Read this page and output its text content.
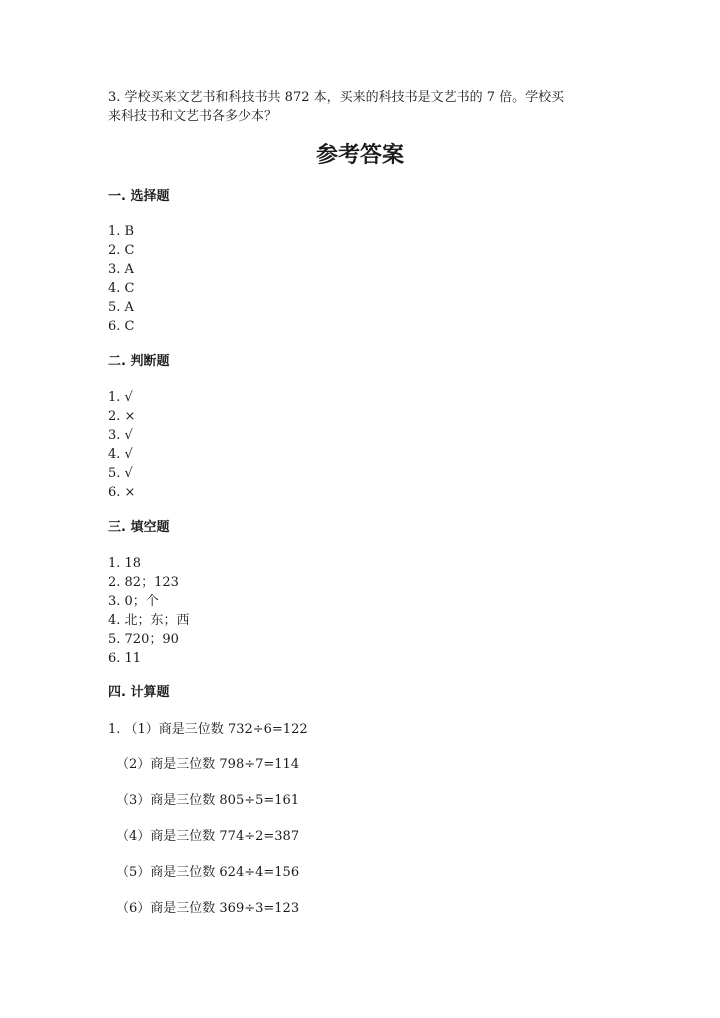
3. 学校买来文艺书和科技书共 872 本，买来的科技书是文艺书的 7 倍。学校买
来科技书和文艺书各多少本？
参考答案
一. 选择题
1. B
2. C
3. A
4. C
5. A
6. C
二. 判断题
1. √
2. ×
3. √
4. √
5. √
6. ×
三. 填空题
1. 18
2. 82；123
3. 0；个
4. 北；东；西
5. 720；90
6. 11
四. 计算题
1. （1）商是三位数 732÷6=122
（2）商是三位数 798÷7=114
（3）商是三位数 805÷5=161
（4）商是三位数 774÷2=387
（5）商是三位数 624÷4=156
（6）商是三位数 369÷3=123
